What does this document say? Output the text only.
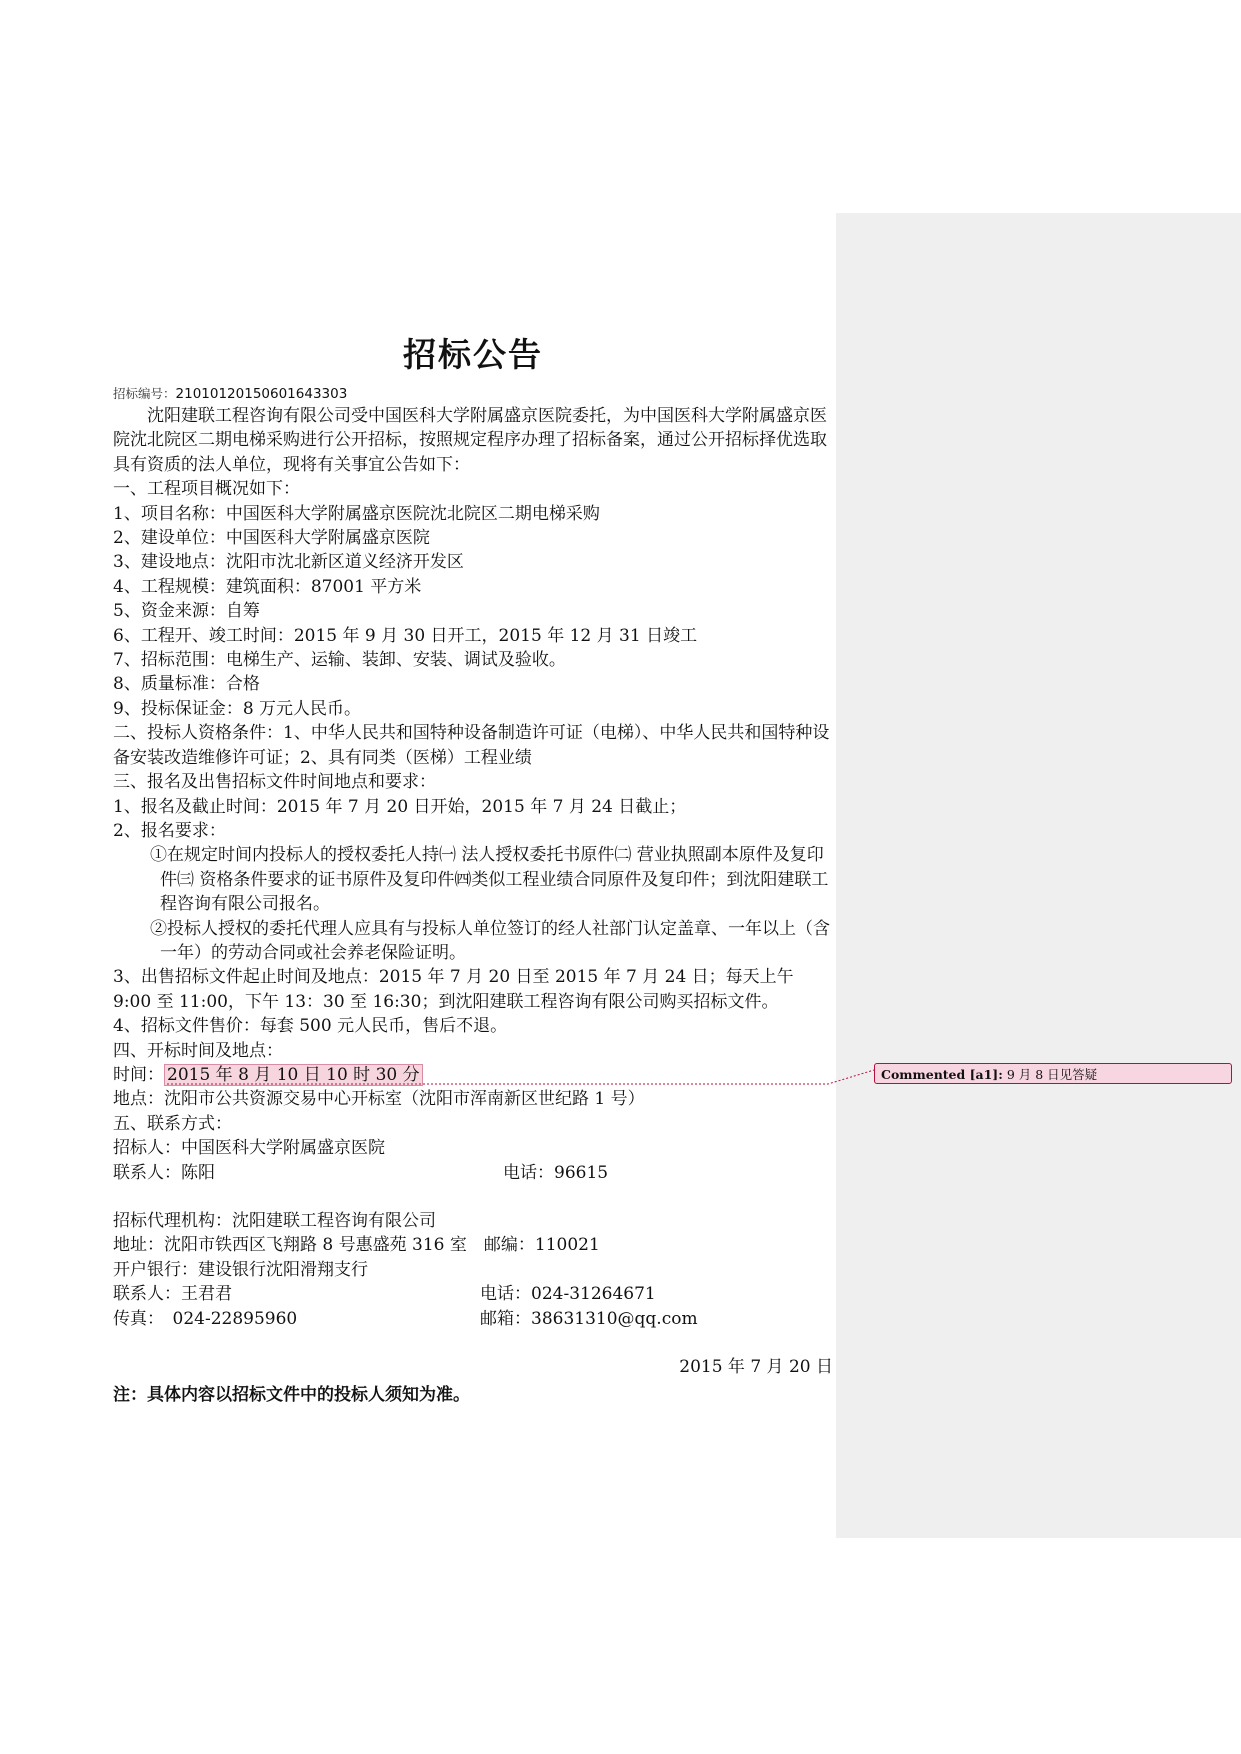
招标公告
招标编号：2101012015060164330​3

沈阳建联工程咨询有限公司受中国医科大学附属盛京医院委托，为中国医科大学附属盛京医院沈北院区二期电梯采购进行公开招标，按照规定程序办理了招标备案，通过公开招标择优选取具有资质的法人单位，现将有关事宜公告如下：

一、工程项目概况如下：

1、项目名称：中国医科大学附属盛京医院沈北院区二期电梯采购

2、建设单位：中国医科大学附属盛京医院

3、建设地点：沈阳市沈北新区道义经济开发区

4、工程规模：建筑面积：87001 平方米

5、资金来源：自筹

6、工程开、竣工时间：2015 年 9 月 30 日开工，2015 年 12 月 31 日竣工

7、招标范围：电梯生产、运输、装卸、安装、调试及验收。

8、质量标准：合格

9、投标保证金：8 万元人民币。

二、投标人资格条件：1、中华人民共和国特种设备制造许可证（电梯）、中华人民共和国特种设备安装改造维修许可证；2、具有同类（医梯）工程业绩

三、报名及出售招标文件时间地点和要求：

1、报名及截止时间：2015 年 7 月 20 日开始，2015 年 7 月 24 日截止；

2、报名要求：

①在规定时间内投标人的授权委托人持㈠ 法人授权委托书原件㈡ 营业执照副本原件及复印件㈢ 资格条件要求的证书原件及复印件㈣类似工程业绩合同原件及复印件；到沈阳建联工程咨询有限公司报名。

②投标人授权的委托代理人应具有与投标人单位签订的经人社部门认定盖章、一年以上（含一年）的劳动合同或社会养老保险证明。

3、出售招标文件起止时间及地点：2015 年 7 月 20 日至 2015 年 7 月 24 日；每天上午 9:00 至 11:00，下午 13：30 至 16:30；到沈阳建联工程咨询有限公司购买招标文件。

4、招标文件售价：每套 500 元人民币，售后不退。

四、开标时间及地点：

时间： 2015 年 8 月 10 日 10 时 30 分

地点：沈阳市公共资源交易中心开标室（沈阳市浑南新区世纪路 1 号）

五、联系方式：

招标人：中国医科大学附属盛京医院

联系人：陈阳	电话：96615

招标代理机构：沈阳建联工程咨询有限公司

地址：沈阳市铁西区飞翔路 8 号惠盛苑 316 室　邮编：110021

开户银行：建设银行沈阳滑翔支行

联系人：王君君	电话：024-31264671
传真：　024-22895960	邮箱：38631310@qq.com

2015 年 7 月 20 日

注：具体内容以招标文件中的投标人须知为准。

Commented [a1]: 9 月 8 日见答疑
